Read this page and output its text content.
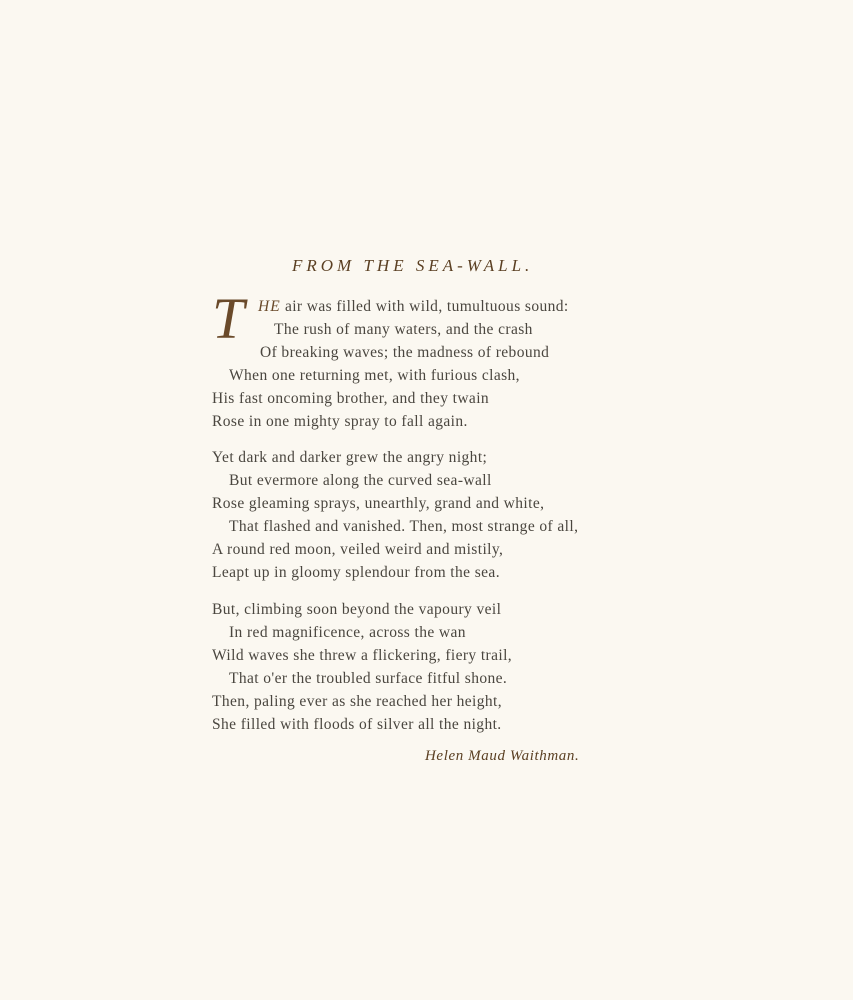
FROM THE SEA-WALL.
T HE air was filled with wild, tumultuous sound:
The rush of many waters, and the crash
Of breaking waves; the madness of rebound
When one returning met, with furious clash,
His fast oncoming brother, and they twain
Rose in one mighty spray to fall again.
Yet dark and darker grew the angry night;
But evermore along the curved sea-wall
Rose gleaming sprays, unearthly, grand and white,
That flashed and vanished. Then, most strange of all,
A round red moon, veiled weird and mistily,
Leapt up in gloomy splendour from the sea.
But, climbing soon beyond the vapoury veil
In red magnificence, across the wan
Wild waves she threw a flickering, fiery trail,
That o'er the troubled surface fitful shone.
Then, paling ever as she reached her height,
She filled with floods of silver all the night.
Helen Maud Waithman.
